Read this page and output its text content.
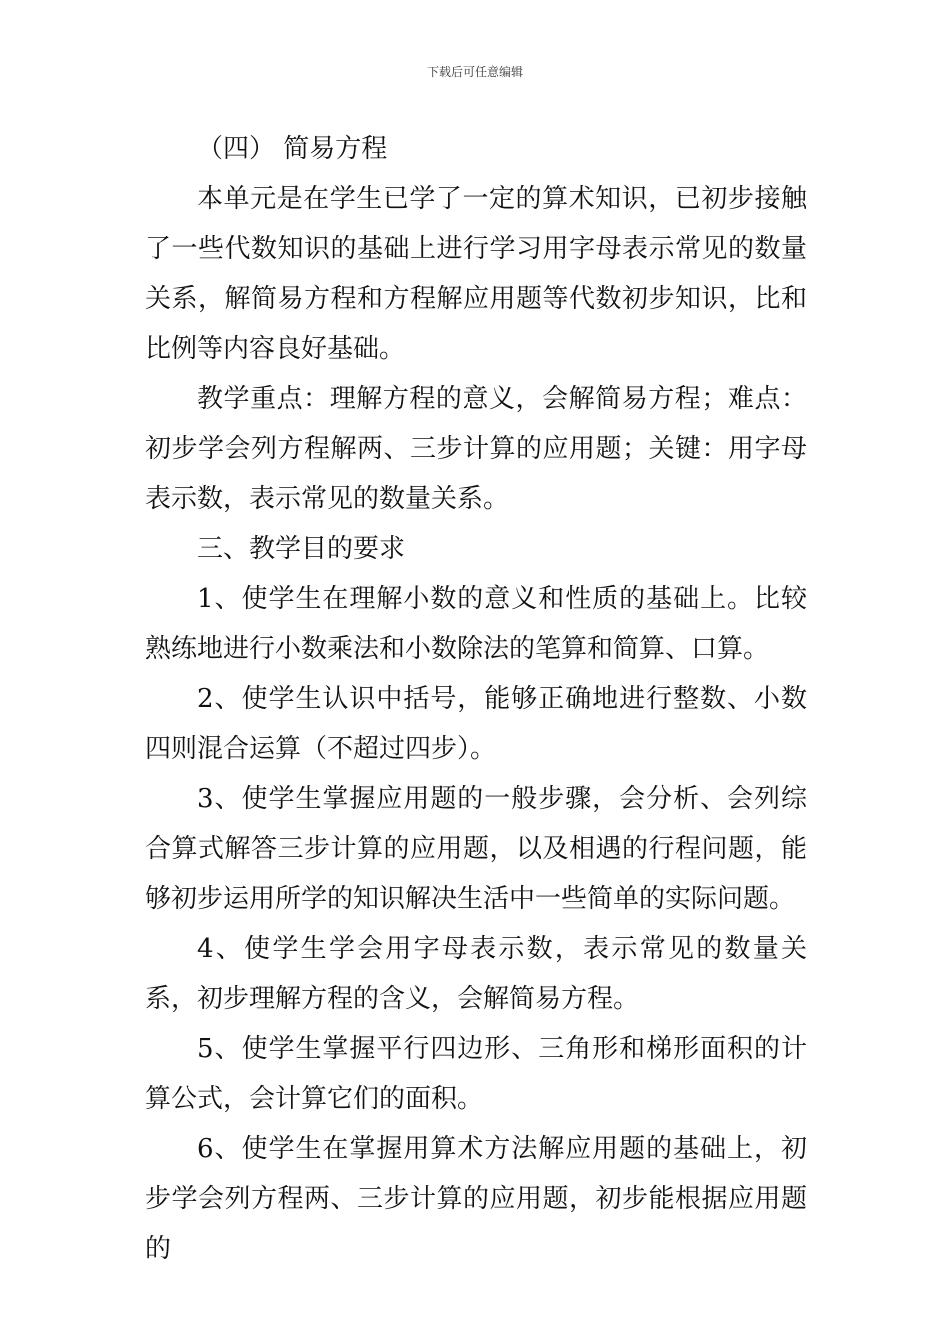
下载后可任意编辑

（四） 简易方程

本单元是在学生已学了一定的算术知识，已初步接触了一些代数知识的基础上进行学习用字母表示常见的数量关系，解简易方程和方程解应用题等代数初步知识，比和比例等内容良好基础。

教学重点：理解方程的意义，会解简易方程；难点：初步学会列方程解两、三步计算的应用题；关键：用字母表示数，表示常见的数量关系。

三、教学目的要求

1、使学生在理解小数的意义和性质的基础上。比较熟练地进行小数乘法和小数除法的笔算和简算、口算。

2、使学生认识中括号，能够正确地进行整数、小数四则混合运算（不超过四步）。

3、使学生掌握应用题的一般步骤，会分析、会列综合算式解答三步计算的应用题，以及相遇的行程问题，能够初步运用所学的知识解决生活中一些简单的实际问题。

4、使学生学会用字母表示数，表示常见的数量关系，初步理解方程的含义，会解简易方程。

5、使学生掌握平行四边形、三角形和梯形面积的计算公式，会计算它们的面积。

6、使学生在掌握用算术方法解应用题的基础上，初步学会列方程两、三步计算的应用题，初步能根据应用题的
